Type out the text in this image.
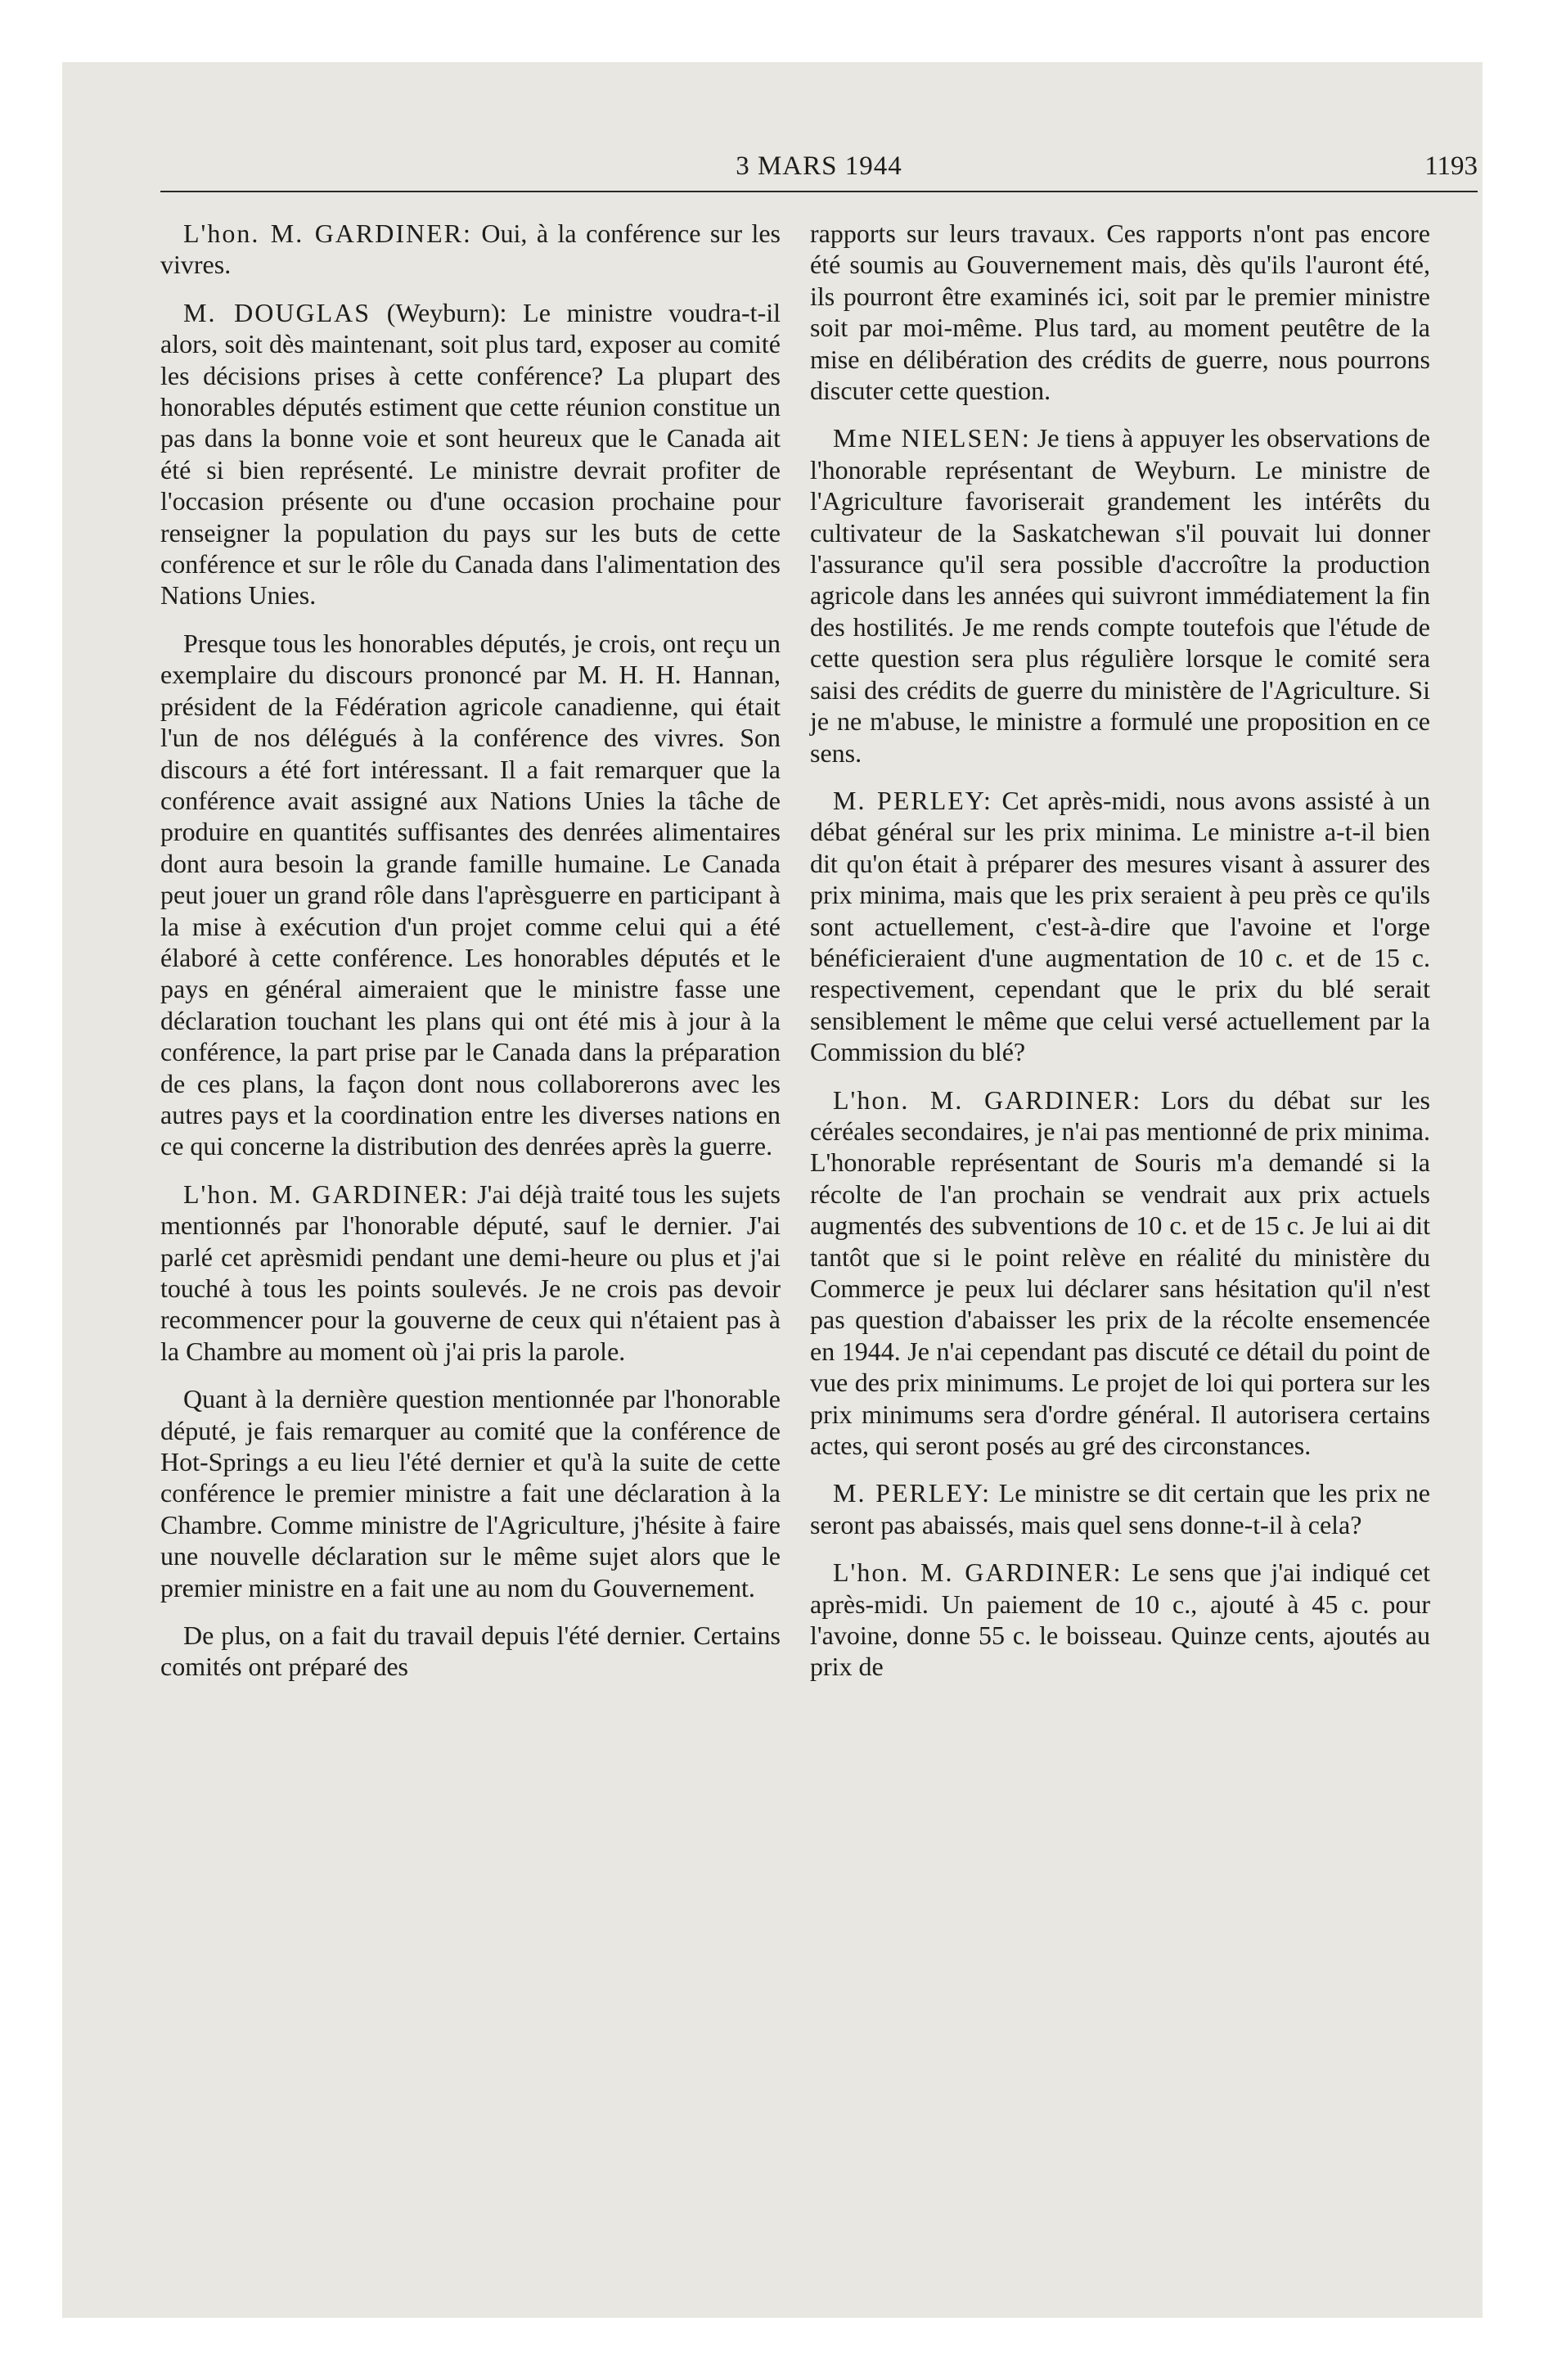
3 MARS 1944	1193

L'hon. M. GARDINER: Oui, à la conférence sur les vivres.

M. DOUGLAS (Weyburn): Le ministre voudra-t-il alors, soit dès maintenant, soit plus tard, exposer au comité les décisions prises à cette conférence? La plupart des honorables députés estiment que cette réunion constitue un pas dans la bonne voie et sont heureux que le Canada ait été si bien représenté. Le ministre devrait profiter de l'occasion présente ou d'une occasion prochaine pour renseigner la population du pays sur les buts de cette conférence et sur le rôle du Canada dans l'alimentation des Nations Unies.

Presque tous les honorables députés, je crois, ont reçu un exemplaire du discours prononcé par M. H. H. Hannan, président de la Fédération agricole canadienne, qui était l'un de nos délégués à la conférence des vivres. Son discours a été fort intéressant. Il a fait remarquer que la conférence avait assigné aux Nations Unies la tâche de produire en quantités suffisantes des denrées alimentaires dont aura besoin la grande famille humaine. Le Canada peut jouer un grand rôle dans l'aprèsguerre en participant à la mise à exécution d'un projet comme celui qui a été élaboré à cette conférence. Les honorables députés et le pays en général aimeraient que le ministre fasse une déclaration touchant les plans qui ont été mis à jour à la conférence, la part prise par le Canada dans la préparation de ces plans, la façon dont nous collaborerons avec les autres pays et la coordination entre les diverses nations en ce qui concerne la distribution des denrées après la guerre.

L'hon. M. GARDINER: J'ai déjà traité tous les sujets mentionnés par l'honorable député, sauf le dernier. J'ai parlé cet aprèsmidi pendant une demi-heure ou plus et j'ai touché à tous les points soulevés. Je ne crois pas devoir recommencer pour la gouverne de ceux qui n'étaient pas à la Chambre au moment où j'ai pris la parole.

Quant à la dernière question mentionnée par l'honorable député, je fais remarquer au comité que la conférence de Hot-Springs a eu lieu l'été dernier et qu'à la suite de cette conférence le premier ministre a fait une déclaration à la Chambre. Comme ministre de l'Agriculture, j'hésite à faire une nouvelle déclaration sur le même sujet alors que le premier ministre en a fait une au nom du Gouvernement.

De plus, on a fait du travail depuis l'été dernier. Certains comités ont préparé des

rapports sur leurs travaux. Ces rapports n'ont pas encore été soumis au Gouvernement mais, dès qu'ils l'auront été, ils pourront être examinés ici, soit par le premier ministre soit par moi-même. Plus tard, au moment peutêtre de la mise en délibération des crédits de guerre, nous pourrons discuter cette question.

Mme NIELSEN: Je tiens à appuyer les observations de l'honorable représentant de Weyburn. Le ministre de l'Agriculture favoriserait grandement les intérêts du cultivateur de la Saskatchewan s'il pouvait lui donner l'assurance qu'il sera possible d'accroître la production agricole dans les années qui suivront immédiatement la fin des hostilités. Je me rends compte toutefois que l'étude de cette question sera plus régulière lorsque le comité sera saisi des crédits de guerre du ministère de l'Agriculture. Si je ne m'abuse, le ministre a formulé une proposition en ce sens.

M. PERLEY: Cet après-midi, nous avons assisté à un débat général sur les prix minima. Le ministre a-t-il bien dit qu'on était à préparer des mesures visant à assurer des prix minima, mais que les prix seraient à peu près ce qu'ils sont actuellement, c'est-à-dire que l'avoine et l'orge bénéficieraient d'une augmentation de 10 c. et de 15 c. respectivement, cependant que le prix du blé serait sensiblement le même que celui versé actuellement par la Commission du blé?

L'hon. M. GARDINER: Lors du débat sur les céréales secondaires, je n'ai pas mentionné de prix minima. L'honorable représentant de Souris m'a demandé si la récolte de l'an prochain se vendrait aux prix actuels augmentés des subventions de 10 c. et de 15 c. Je lui ai dit tantôt que si le point relève en réalité du ministère du Commerce je peux lui déclarer sans hésitation qu'il n'est pas question d'abaisser les prix de la récolte ensemencée en 1944. Je n'ai cependant pas discuté ce détail du point de vue des prix minimums. Le projet de loi qui portera sur les prix minimums sera d'ordre général. Il autorisera certains actes, qui seront posés au gré des circonstances.

M. PERLEY: Le ministre se dit certain que les prix ne seront pas abaissés, mais quel sens donne-t-il à cela?

L'hon. M. GARDINER: Le sens que j'ai indiqué cet après-midi. Un paiement de 10 c., ajouté à 45 c. pour l'avoine, donne 55 c. le boisseau. Quinze cents, ajoutés au prix de
